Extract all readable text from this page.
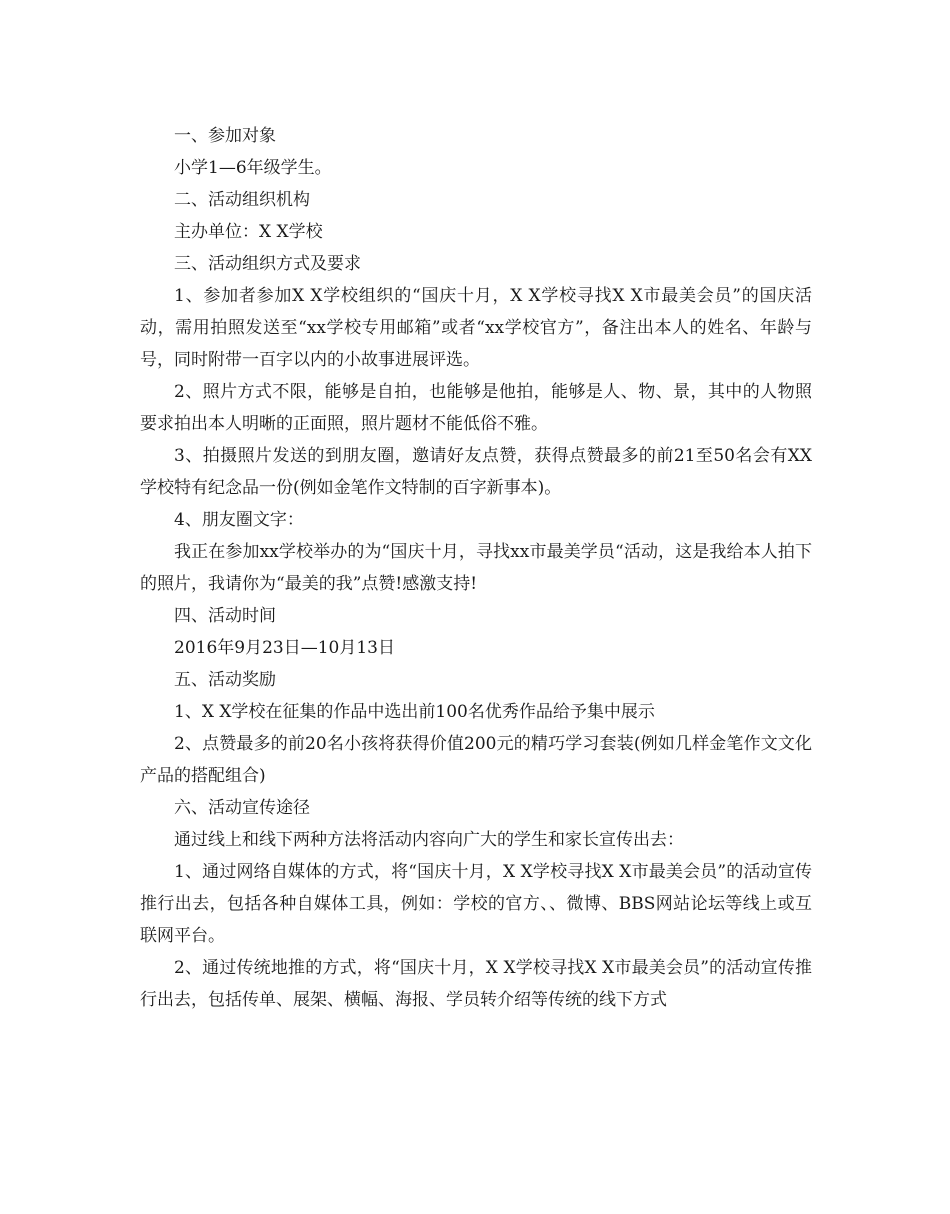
一、参加对象

小学1—6年级学生。

二、活动组织机构

主办单位：X X学校

三、活动组织方式及要求

1、参加者参加X X学校组织的“国庆十月，X X学校寻找X X市最美会员”的国庆活动，需用拍照发送至“xx学校专用邮箱”或者“xx学校官方”，备注出本人的姓名、年龄与号，同时附带一百字以内的小故事进展评选。

2、照片方式不限，能够是自拍，也能够是他拍，能够是人、物、景，其中的人物照要求拍出本人明晰的正面照，照片题材不能低俗不雅。

3、拍摄照片发送的到朋友圈，邀请好友点赞，获得点赞最多的前21至50名会有XX学校特有纪念品一份(例如金笔作文特制的百字新事本)。

4、朋友圈文字：

我正在参加xx学校举办的为“国庆十月，寻找xx市最美学员“活动，这是我给本人拍下的照片，我请你为“最美的我”点赞!感激支持!

四、活动时间

2016年9月23日—10月13日

五、活动奖励

1、X X学校在征集的作品中选出前100名优秀作品给予集中展示

2、点赞最多的前20名小孩将获得价值200元的精巧学习套装(例如几样金笔作文文化产品的搭配组合)

六、活动宣传途径

通过线上和线下两种方法将活动内容向广大的学生和家长宣传出去：

1、通过网络自媒体的方式，将“国庆十月，X X学校寻找X X市最美会员”的活动宣传推行出去，包括各种自媒体工具，例如：学校的官方、、微博、BBS网站论坛等线上或互联网平台。

2、通过传统地推的方式，将“国庆十月，X X学校寻找X X市最美会员”的活动宣传推行出去，包括传单、展架、横幅、海报、学员转介绍等传统的线下方式
